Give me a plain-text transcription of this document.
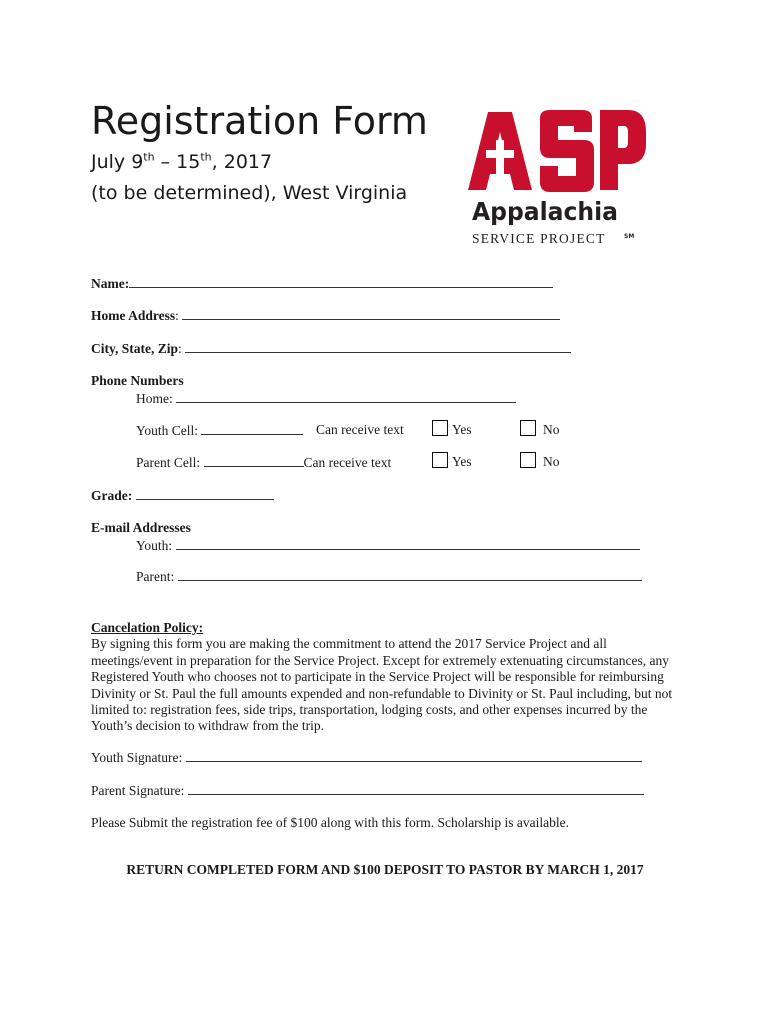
Registration Form
July 9th – 15th, 2017
(to be determined), West Virginia
Appalachia
SERVICE PROJECT	SM
Name:
Home Address:
City, State, Zip:
Phone Numbers
Home:
Youth Cell:	Can receive text	Yes	No
Parent Cell:	Can receive text	Yes	No
Grade:
E-mail Addresses
Youth:
Parent:
Cancelation Policy:
By signing this form you are making the commitment to attend the 2017 Service Project and all meetings/event in preparation for the Service Project. Except for extremely extenuating circumstances, any Registered Youth who chooses not to participate in the Service Project will be responsible for reimbursing Divinity or St. Paul the full amounts expended and non-refundable to Divinity or St. Paul including, but not limited to: registration fees, side trips, transportation, lodging costs, and other expenses incurred by the Youth’s decision to withdraw from the trip.
Youth Signature:
Parent Signature:
Please Submit the registration fee of $100 along with this form. Scholarship is available.
RETURN COMPLETED FORM AND $100 DEPOSIT TO PASTOR BY MARCH 1, 2017
